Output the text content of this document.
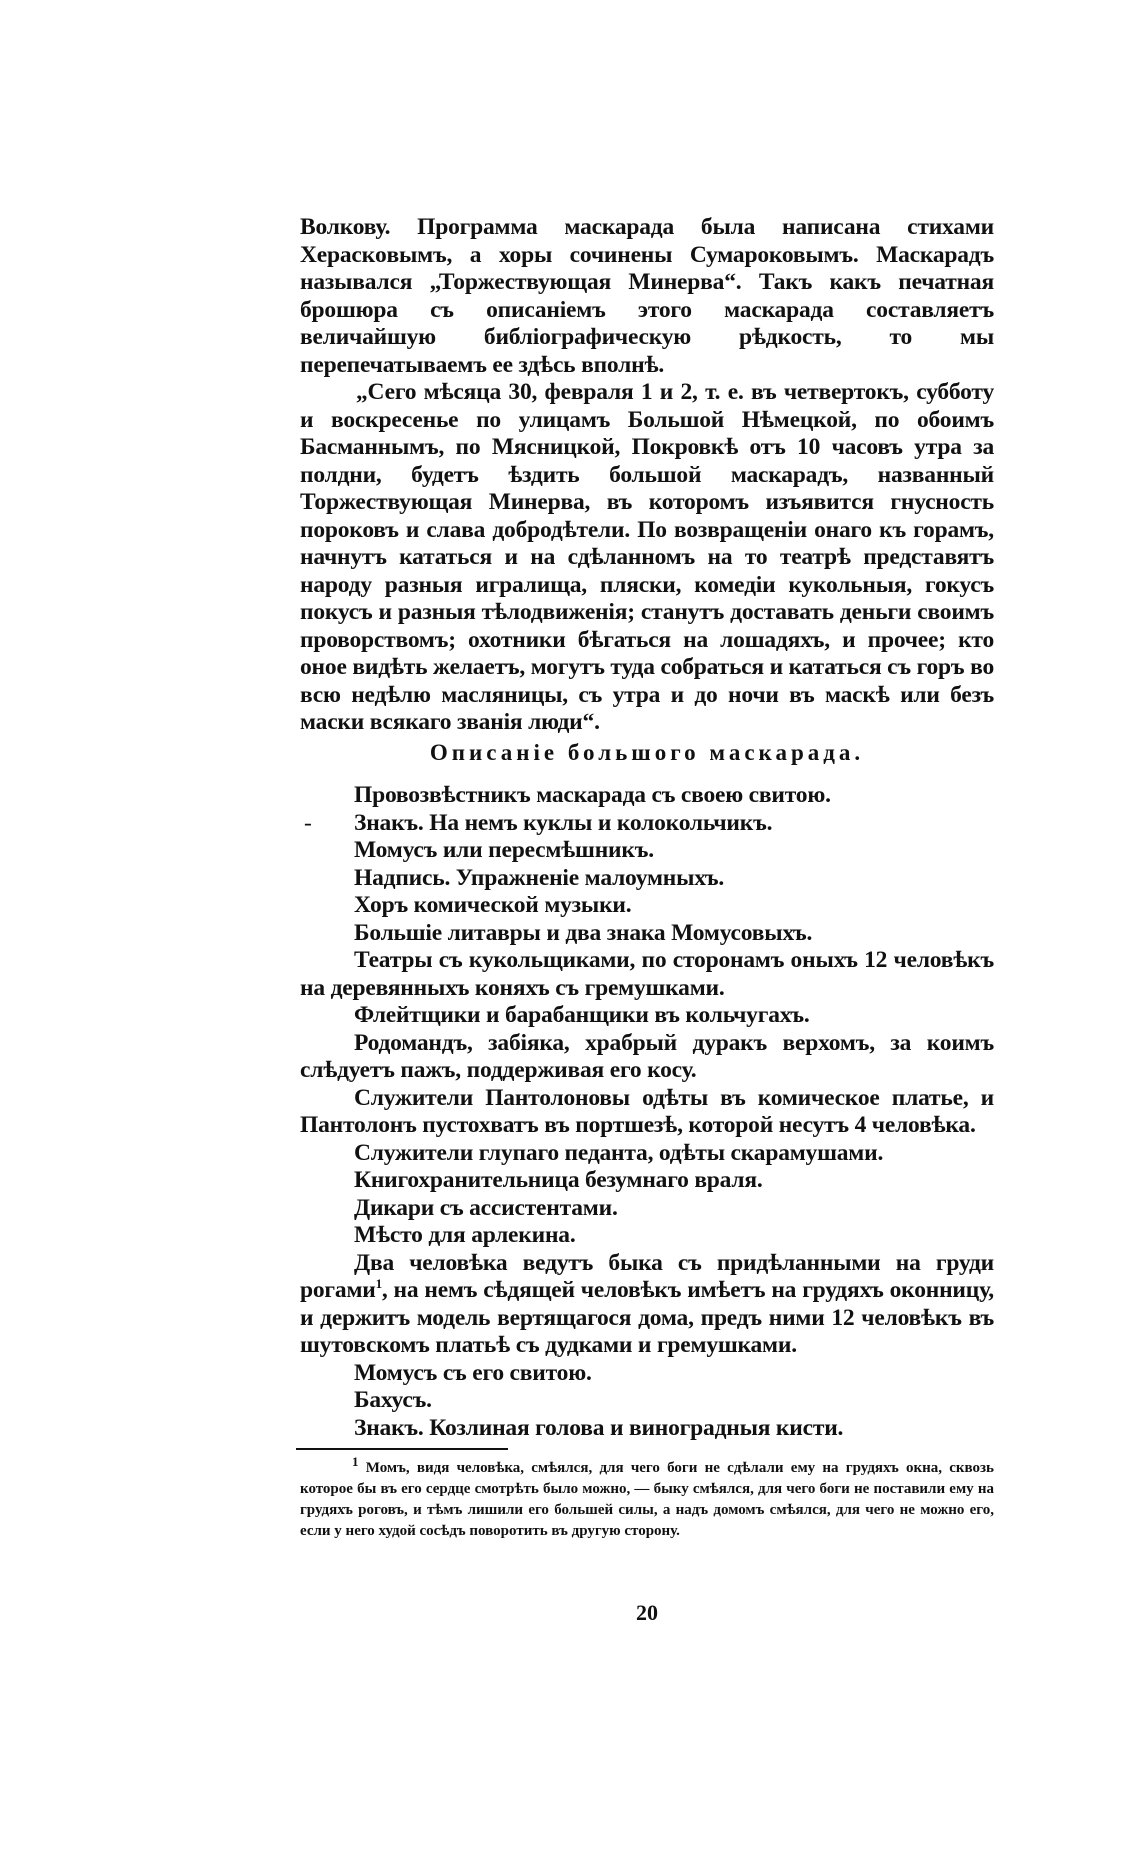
Волкову. Программа маскарада была написана стихами Хераскoвымъ, а хоры сочинены Сумароковымъ. Маскарадъ назывался „Торжествующая Минерва“. Такъ какъ печатная брошюра съ описанiемъ этого маскарада составляетъ величайшую библiографическую рѣдкость, то мы перепечатываемъ ее здѣсь вполнѣ.

„Сего мѣсяца 30, февраля 1 и 2, т. е. въ четвертокъ, субботу и воскресенье по улицамъ Большой Нѣмецкой, по обоимъ Басманнымъ, по Мясницкой, Покровкѣ отъ 10 часовъ утра за полдни, будетъ ѣздить большой маскарадъ, названный Торжествующая Минерва, въ которомъ изъявится гнусность пороковъ и слава добродѣтели. По возвращенiи онаго къ горамъ, начнутъ кататься и на сдѣланномъ на то театрѣ представятъ народу разныя игралища, пляски, комедiи кукольныя, гокусъ покусъ и разныя тѣлодвиженiя; станутъ доставать деньги своимъ проворствомъ; охотники бѣгаться на лошадяхъ, и прочее; кто оное видѣть желаетъ, могутъ туда собраться и кататься съ горъ во всю недѣлю масляницы, съ утра и до ночи въ маскѣ или безъ маски всякаго званiя люди“.

Описанiе большого маскарада.

Провозвѣстникъ маскарада съ своею свитою.

- Знакъ. На немъ куклы и колокольчикъ.

Момусъ или пересмѣшникъ.

Надпись. Упражненiе малоумныхъ.

Хоръ комической музыки.

Большiе литавры и два знака Момусовыхъ.

Театры съ кукольщиками, по сторонамъ оныхъ 12 человѣкъ на деревянныхъ коняхъ съ гремушками.

Флейтщики и барабанщики въ кольчугахъ.

Родомандъ, забiяка, храбрый дуракъ верхомъ, за коимъ слѣдуетъ пажъ, поддерживая его косу.

Служители Пантолоновы одѣты въ комическое платье, и Пантолонъ пустохватъ въ портшезѣ, которой несутъ 4 человѣка.

Служители глупаго педанта, одѣты скарамушами.

Книгохранительница безумнаго враля.

Дикари съ ассистентами.

Мѣсто для арлекина.

Два человѣка ведутъ быка съ придѣланными на груди рогами$^1$, на немъ сѣдящей человѣкъ имѣетъ на грудяхъ оконницу, и держитъ модель вертящагося дома, предъ ними 12 человѣкъ въ шутовскомъ платьѣ съ дудками и гремушками.

Момусъ съ его свитою.

Бахусъ.

Знакъ. Козлиная голова и виноградныя кисти.

$^1$ Момъ, видя человѣка, смѣялся, для чего боги не сдѣлали ему на грудяхъ окна, сквозь которое бы въ его сердце смотрѣть было можно, — быку смѣялся, для чего боги не поставили ему на грудяхъ роговъ, и тѣмъ лишили его большей силы, а надъ домомъ смѣялся, для чего не можно его, если у него худой сосѣдъ поворотить въ другую сторону.

20
